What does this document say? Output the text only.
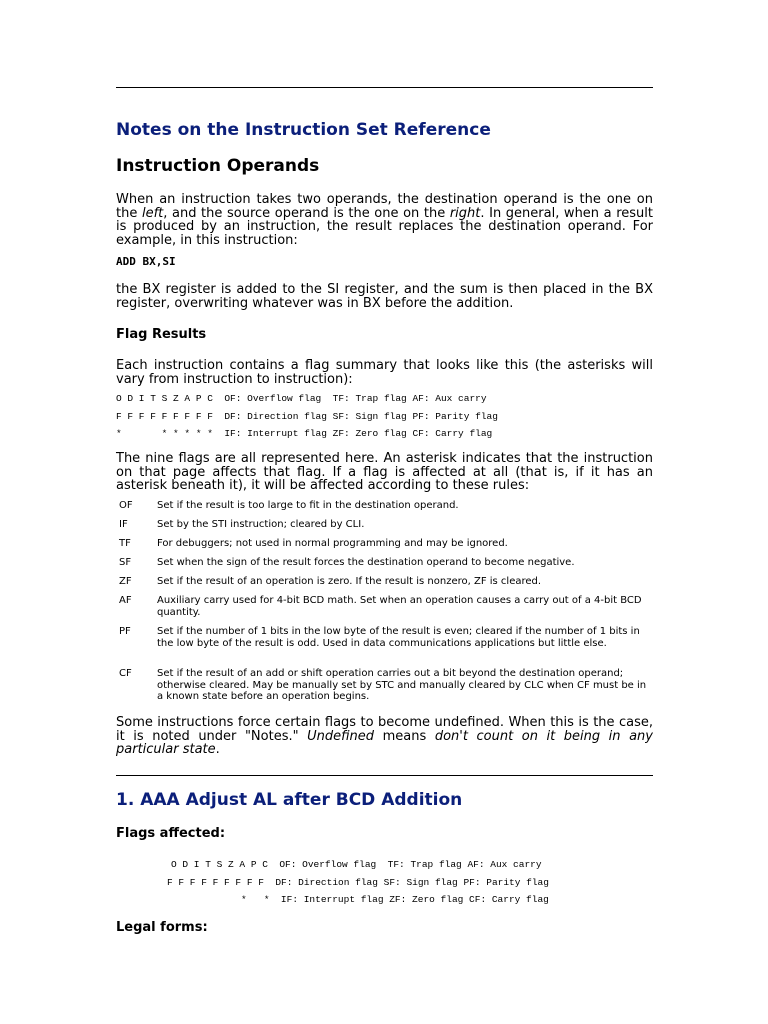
Notes on the Instruction Set Reference
Instruction Operands

When an instruction takes two operands, the destination operand is the one on the left, and the source operand is the one on the right. In general, when a result is produced by an instruction, the result replaces the destination operand. For example, in this instruction:

ADD BX,SI

the BX register is added to the SI register, and the sum is then placed in the BX register, overwriting whatever was in BX before the addition.

Flag Results

Each instruction contains a flag summary that looks like this (the asterisks will vary from instruction to instruction):

O D I T S Z A P C  OF: Overflow flag  TF: Trap flag AF: Aux carry
F F F F F F F F F  DF: Direction flag SF: Sign flag PF: Parity flag
*       * * * * *  IF: Interrupt flag ZF: Zero flag CF: Carry flag

The nine flags are all represented here. An asterisk indicates that the instruction on that page affects that flag. If a flag is affected at all (that is, if it has an asterisk beneath it), it will be affected according to these rules:

OF Set if the result is too large to fit in the destination operand.
IF	Set by the STI instruction; cleared by CLI.
TF	For debuggers; not used in normal programming and may be ignored.
SF	Set when the sign of the result forces the destination operand to become negative.
ZF	Set if the result of an operation is zero. If the result is nonzero, ZF is cleared.
AF	Auxiliary carry used for 4-bit BCD math. Set when an operation causes a carry out of a 4-bit BCD quantity.
PF	Set if the number of 1 bits in the low byte of the result is even; cleared if the number of 1 bits in the low byte of the result is odd. Used in data communications applications but little else.
CF	Set if the result of an add or shift operation carries out a bit beyond the destination operand; otherwise cleared. May be manually set by STC and manually cleared by CLC when CF must be in a known state before an operation begins.

Some instructions force certain flags to become undefined. When this is the case, it is noted under "Notes." Undefined means don't count on it being in any particular state.

1. AAA Adjust AL after BCD Addition
Flags affected:
O D I T S Z A P C  OF: Overflow flag  TF: Trap flag AF: Aux carry
F F F F F F F F F  DF: Direction flag SF: Sign flag PF: Parity flag
*   *  IF: Interrupt flag ZF: Zero flag CF: Carry flag
Legal forms:
